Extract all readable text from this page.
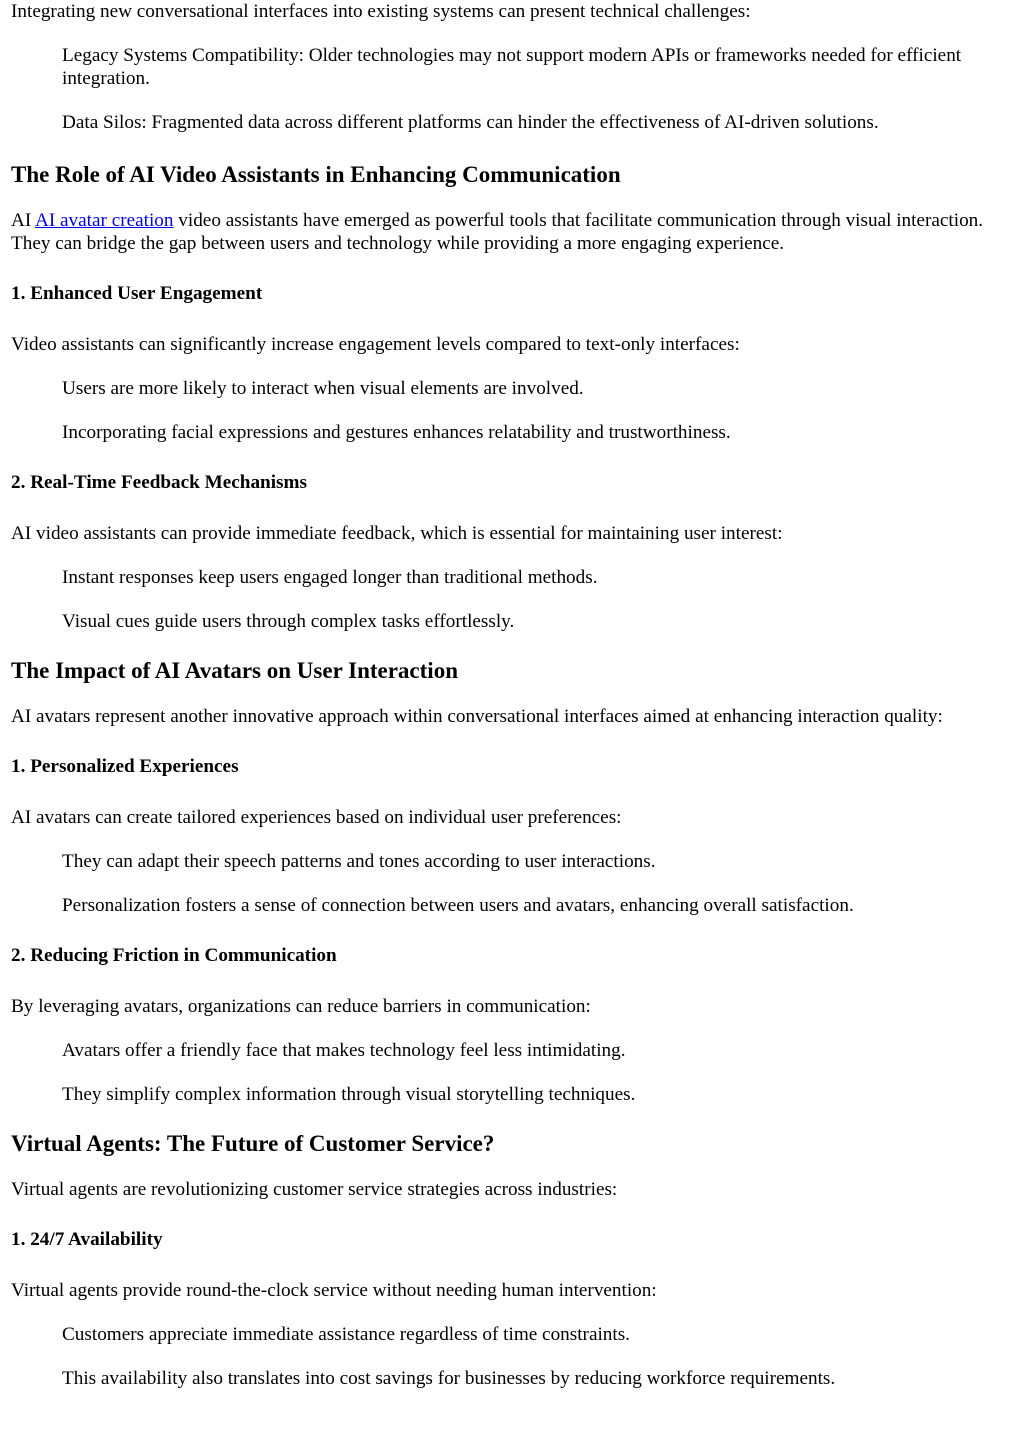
Integrating new conversational interfaces into existing systems can present technical challenges:

Legacy Systems Compatibility: Older technologies may not support modern APIs or frameworks needed for efficient integration.

Data Silos: Fragmented data across different platforms can hinder the effectiveness of AI-driven solutions.

The Role of AI Video Assistants in Enhancing Communication

AI AI avatar creation video assistants have emerged as powerful tools that facilitate communication through visual interaction. They can bridge the gap between users and technology while providing a more engaging experience.

1. Enhanced User Engagement

Video assistants can significantly increase engagement levels compared to text-only interfaces:

Users are more likely to interact when visual elements are involved.

Incorporating facial expressions and gestures enhances relatability and trustworthiness.

2. Real-Time Feedback Mechanisms

AI video assistants can provide immediate feedback, which is essential for maintaining user interest:

Instant responses keep users engaged longer than traditional methods.

Visual cues guide users through complex tasks effortlessly.

The Impact of AI Avatars on User Interaction

AI avatars represent another innovative approach within conversational interfaces aimed at enhancing interaction quality:

1. Personalized Experiences

AI avatars can create tailored experiences based on individual user preferences:

They can adapt their speech patterns and tones according to user interactions.

Personalization fosters a sense of connection between users and avatars, enhancing overall satisfaction.

2. Reducing Friction in Communication

By leveraging avatars, organizations can reduce barriers in communication:

Avatars offer a friendly face that makes technology feel less intimidating.

They simplify complex information through visual storytelling techniques.

Virtual Agents: The Future of Customer Service?

Virtual agents are revolutionizing customer service strategies across industries:

1. 24/7 Availability

Virtual agents provide round-the-clock service without needing human intervention:

Customers appreciate immediate assistance regardless of time constraints.

This availability also translates into cost savings for businesses by reducing workforce requirements.
